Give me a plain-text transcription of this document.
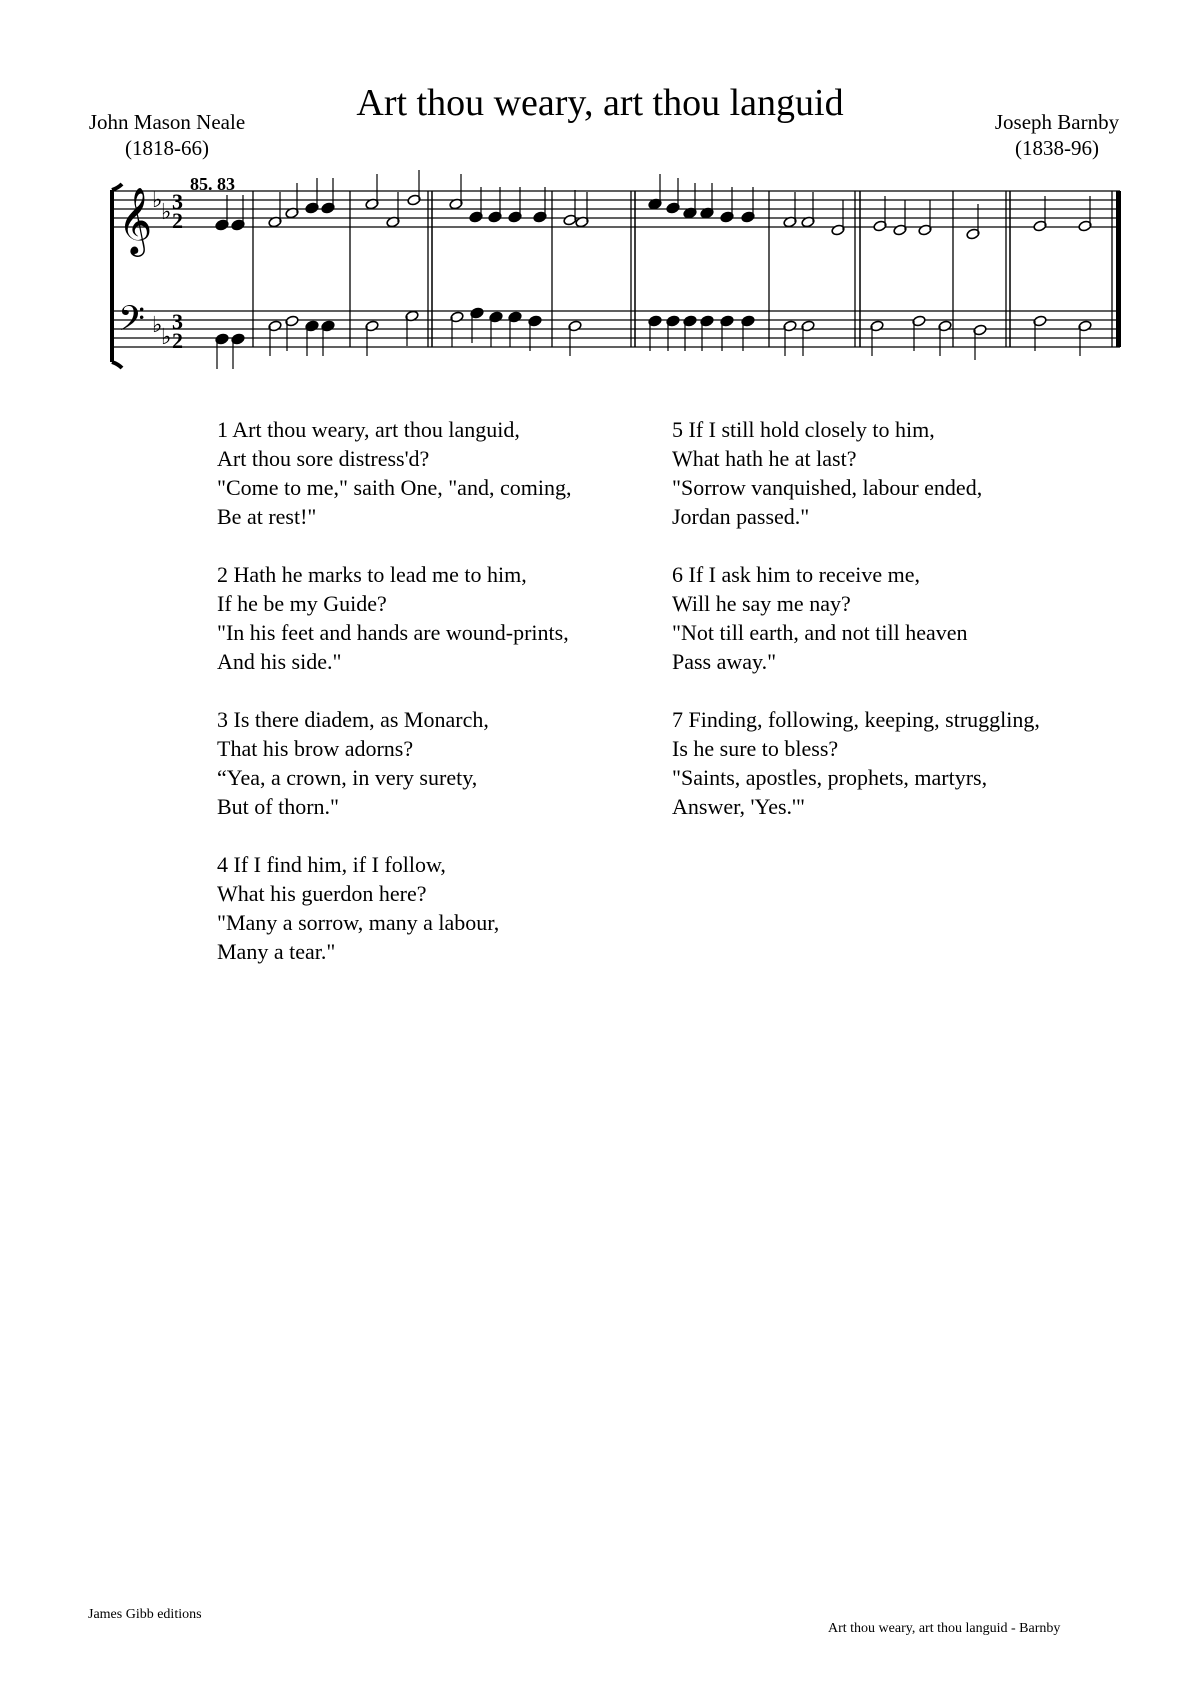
Art thou weary, art thou languid
John Mason Neale
(1818-66)
Joseph Barnby
(1838-96)
85. 83
𝄞
𝄢
♭
♭
♭
♭
3
2
3
2
1 Art thou weary, art thou languid,
Art thou sore distress'd?
"Come to me," saith One, "and, coming,
Be at rest!"
2 Hath he marks to lead me to him,
If he be my Guide?
"In his feet and hands are wound-prints,
And his side."
3 Is there diadem, as Monarch,
That his brow adorns?
“Yea, a crown, in very surety,
But of thorn."
4 If I find him, if I follow,
What his guerdon here?
"Many a sorrow, many a labour,
Many a tear."
5 If I still hold closely to him,
What hath he at last?
"Sorrow vanquished, labour ended,
Jordan passed."
6 If I ask him to receive me,
Will he say me nay?
"Not till earth, and not till heaven
Pass away."
7 Finding, following, keeping, struggling,
Is he sure to bless?
"Saints, apostles, prophets, martyrs,
Answer, 'Yes.'"
James Gibb editions
Art thou weary, art thou languid - Barnby
